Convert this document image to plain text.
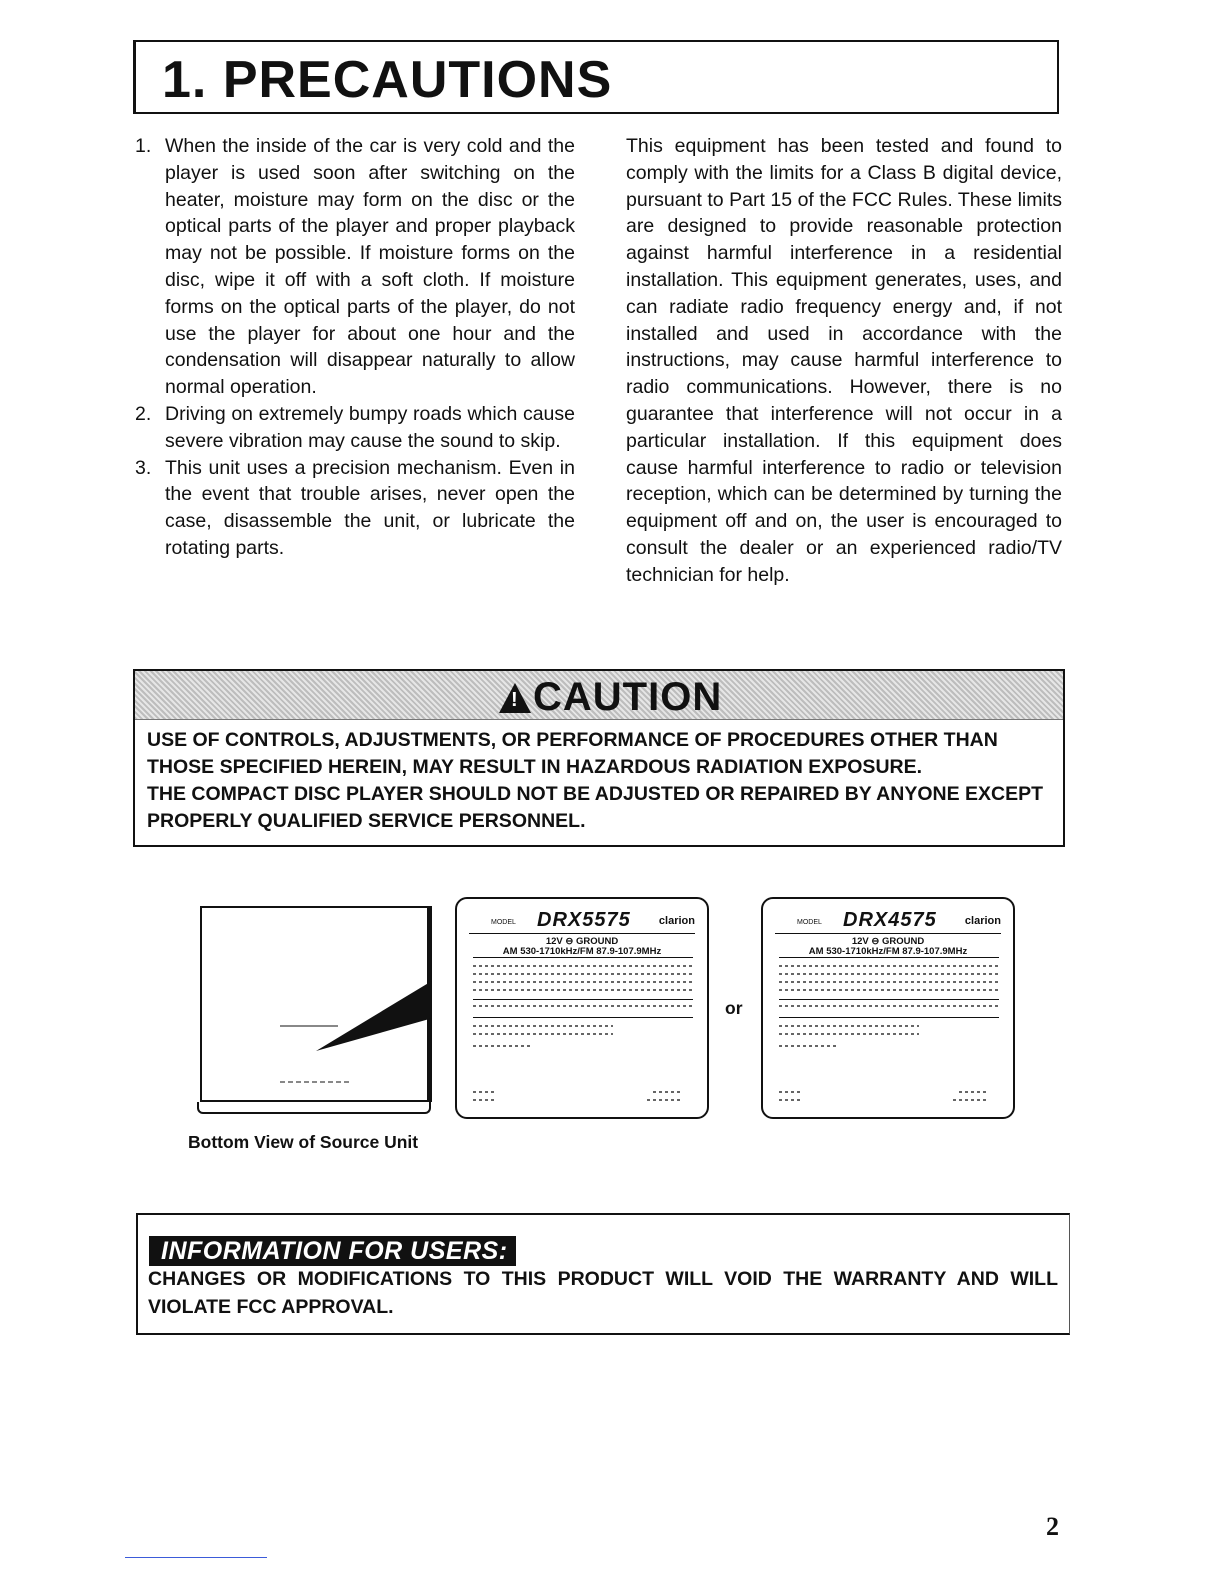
1. PRECAUTIONS
1. When the inside of the car is very cold and the player is used soon after switching on the heater, moisture may form on the disc or the optical parts of the player and proper playback may not be possible. If moisture forms on the disc, wipe it off with a soft cloth. If moisture forms on the optical parts of the player, do not use the player for about one hour and the condensation will disappear naturally to allow normal operation.
2. Driving on extremely bumpy roads which cause severe vibration may cause the sound to skip.
3. This unit uses a precision mechanism. Even in the event that trouble arises, never open the case, disassemble the unit, or lubricate the rotating parts.

This equipment has been tested and found to comply with the limits for a Class B digital device, pursuant to Part 15 of the FCC Rules. These limits are designed to provide reasonable protection against harmful interference in a residential installation. This equipment generates, uses, and can radiate radio frequency energy and, if not installed and used in accordance with the instructions, may cause harmful interference to radio communications. However, there is no guarantee that interference will not occur in a particular installation. If this equipment does cause harmful interference to radio or television reception, which can be determined by turning the equipment off and on, the user is encouraged to consult the dealer or an experienced radio/TV technician for help.

!
CAUTION

USE OF CONTROLS, ADJUSTMENTS, OR PERFORMANCE OF PROCEDURES OTHER THAN THOSE SPECIFIED HEREIN, MAY RESULT IN HAZARDOUS RADIATION EXPOSURE.

THE COMPACT DISC PLAYER SHOULD NOT BE ADJUSTED OR REPAIRED BY ANYONE EXCEPT PROPERLY QUALIFIED SERVICE PERSONNEL.

Bottom View of Source Unit
MODEL DRX5575	clarion
12V ⊖ GROUND
AM 530-1710kHz/FM 87.9-107.9MHz
or
MODEL DRX4575	clarion
12V ⊖ GROUND
AM 530-1710kHz/FM 87.9-107.9MHz
INFORMATION FOR USERS:
CHANGES OR MODIFICATIONS TO THIS PRODUCT WILL VOID THE WARRANTY AND WILL VIOLATE FCC APPROVAL.
2
